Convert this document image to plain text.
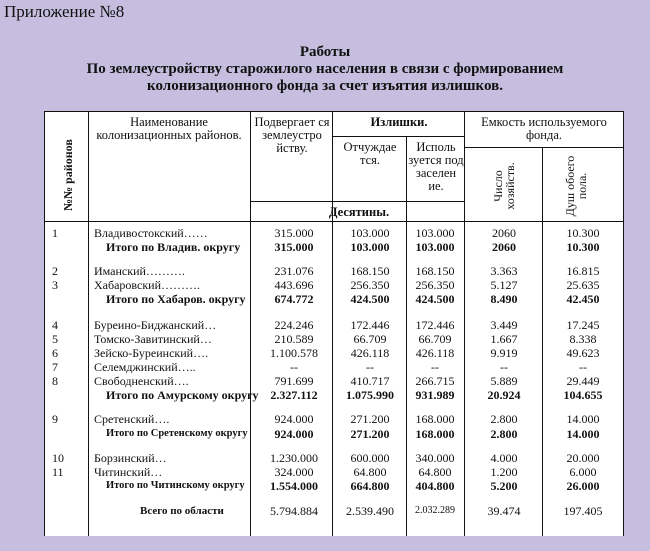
Приложение №8
Работы
По землеустройству старожилого населения в связи с формированием
колонизационного фонда за счет изъятия излишков.
№№ районов
Наименование колонизационных районов.
Подвергает ся землеустро йству.
Излишки.
Отчуждае тся.
Исполь зуется под заселен ие.
Емкость используемого фонда.
Число хозяйств.	Душ обоего пола.
Десятины.
1	Владивостокский……	315.000	103.000	103.000	2060	10.300
Итого по Владив. округу	315.000	103.000	103.000	2060	10.300
2	Иманский……….	231.076	168.150	168.150	3.363	16.815
3	Хабаровский……….	443.696	256.350	256.350	5.127	25.635
Итого по Хабаров. округу	674.772	424.500	424.500	8.490	42.450
4	Буреино-Биджанский…	224.246	172.446	172.446	3.449	17.245
5	Томско-Завитинский…	210.589	66.709	66.709	1.667	8.338
6	Зейско-Буреинский….	1.100.578	426.118	426.118	9.919	49.623
7	Селемджинский…..	--	--	--	--	--
8	Свободненский….	791.699	410.717	266.715	5.889	29.449
Итого по Амурскому округу 2.327.112	1.075.990	931.989	20.924	104.655
9	Сретенский….	924.000	271.200	168.000	2.800	14.000
Итого по Сретенскому округу	924.000	271.200	168.000	2.800	14.000
10	Борзинский…	1.230.000	600.000	340.000	4.000	20.000
11	Читинский…	324.000	64.800	64.800	1.200	6.000
Итого по Читинскому округу	1.554.000	664.800	404.800	5.200	26.000
Всего по области	5.794.884	2.539.490	2.032.289	39.474	197.405
